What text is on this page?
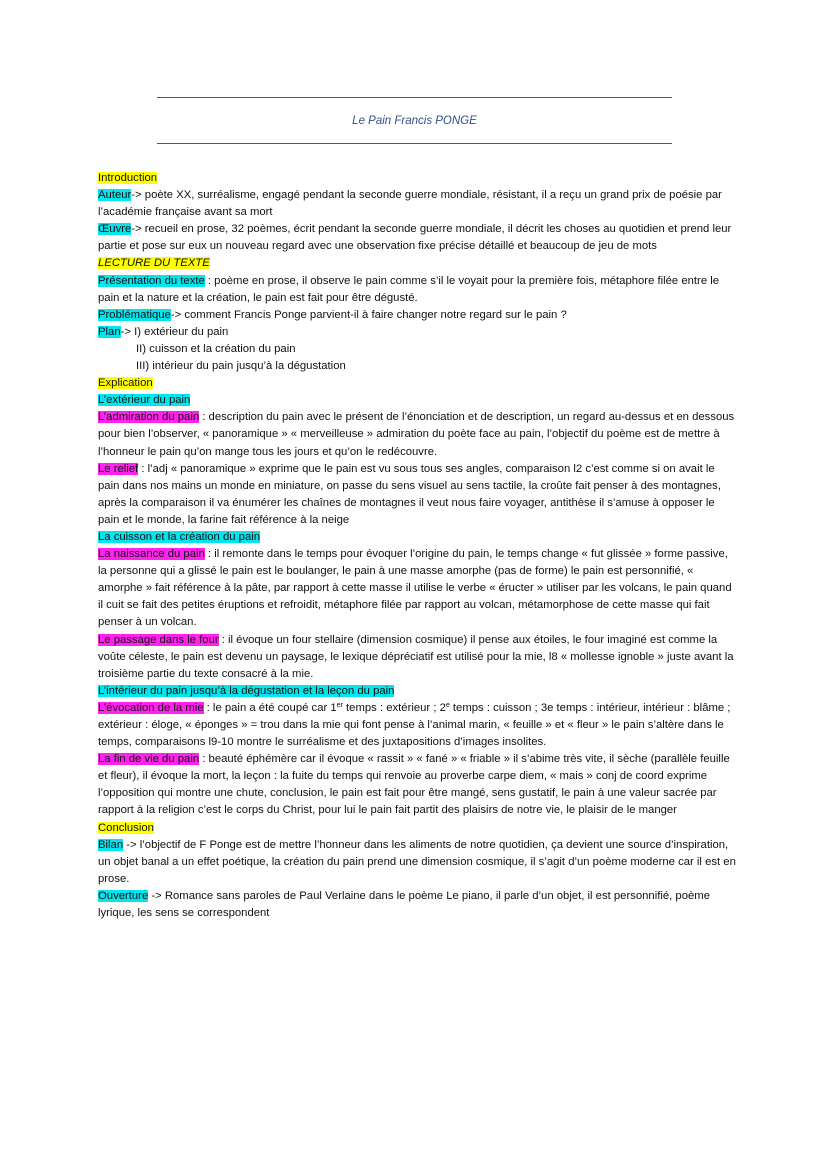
Le Pain Francis PONGE

Introduction

Auteur-> poète XX, surréalisme, engagé pendant la seconde guerre mondiale, résistant, il a reçu un grand prix de poésie par l’académie française avant sa mort

Œuvre-> recueil en prose, 32 poèmes, écrit pendant la seconde guerre mondiale, il décrit les choses au quotidien et prend leur partie et pose sur eux un nouveau regard avec une observation fixe précise détaillé et beaucoup de jeu de mots

LECTURE DU TEXTE

Présentation du texte : poème en prose, il observe le pain comme s’il le voyait pour la première fois, métaphore filée entre le pain et la nature et la création, le pain est fait pour être dégusté.

Problématique-> comment Francis Ponge parvient-il à faire changer notre regard sur le pain ?

Plan-> I) extérieur du pain

II) cuisson et la création du pain

III) intérieur du pain jusqu’à la dégustation

Explication

L’extérieur du pain

L’admiration du pain : description du pain avec le présent de l’énonciation et de description, un regard au-dessus et en dessous pour bien l’observer, « panoramique » « merveilleuse » admiration du poète face au pain, l’objectif du poème est de mettre à l’honneur le pain qu’on mange tous les jours et qu’on le redécouvre.

Le relief : l’adj « panoramique » exprime que le pain est vu sous tous ses angles, comparaison l2 c’est comme si on avait le pain dans nos mains un monde en miniature, on passe du sens visuel au sens tactile, la croûte fait penser à des montagnes, après la comparaison il va énumérer les chaînes de montagnes il veut nous faire voyager, antithèse il s’amuse à opposer le pain et le monde, la farine fait référence à la neige

La cuisson et la création du pain

La naissance du pain : il remonte dans le temps pour évoquer l’origine du pain, le temps change « fut glissée » forme passive, la personne qui a glissé le pain est le boulanger, le pain à une masse amorphe (pas de forme) le pain est personnifié, « amorphe » fait référence à la pâte, par rapport à cette masse il utilise le verbe « éructer » utiliser par les volcans, le pain quand il cuit se fait des petites éruptions et refroidit, métaphore filée par rapport au volcan, métamorphose de cette masse qui fait penser à un volcan.

Le passage dans le four : il évoque un four stellaire (dimension cosmique) il pense aux étoiles, le four imaginé est comme la voûte céleste, le pain est devenu un paysage, le lexique dépréciatif est utilisé pour la mie, l8 « mollesse ignoble » juste avant la troisième partie du texte consacré à la mie.

L’intérieur du pain jusqu’à la dégustation et la leçon du pain

L’évocation de la mie : le pain a été coupé car 1er temps : extérieur ; 2e temps : cuisson ; 3e temps : intérieur, intérieur : blâme ; extérieur : éloge, « éponges » = trou dans la mie qui font pense à l’animal marin, « feuille » et « fleur » le pain s’altère dans le temps, comparaisons l9-10 montre le surréalisme et des juxtapositions d’images insolites.

La fin de vie du pain : beauté éphémère car il évoque « rassit » « fané » « friable » il s’abime très vite, il sèche (parallèle feuille et fleur), il évoque la mort, la leçon : la fuite du temps qui renvoie au proverbe carpe diem, « mais » conj de coord exprime l’opposition qui montre une chute, conclusion, le pain est fait pour être mangé, sens gustatif, le pain à une valeur sacrée par rapport à la religion c’est le corps du Christ, pour lui le pain fait partit des plaisirs de notre vie, le plaisir de le manger

Conclusion

Bilan -> l’objectif de F Ponge est de mettre l’honneur dans les aliments de notre quotidien, ça devient une source d’inspiration, un objet banal a un effet poétique, la création du pain prend une dimension cosmique, il s’agit d’un poème moderne car il est en prose.

Ouverture -> Romance sans paroles de Paul Verlaine dans le poème Le piano, il parle d’un objet, il est personnifié, poème lyrique, les sens se correspondent
